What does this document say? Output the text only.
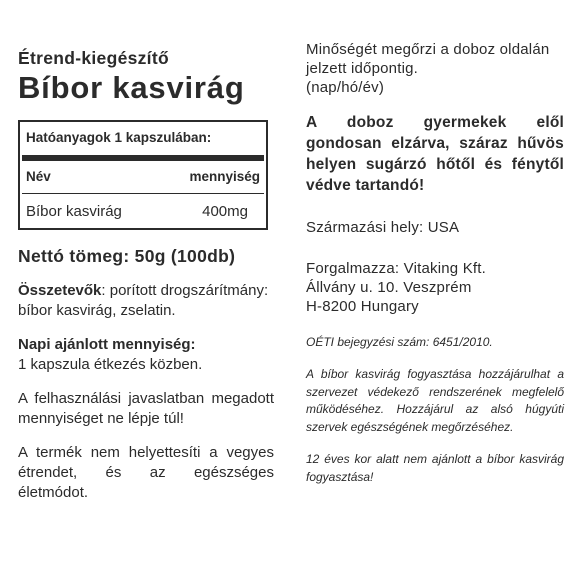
Étrend-kiegészítő
Bíbor kasvirág
Hatóanyagok 1 kapszulában:
Név	mennyiség
Bíbor kasvirág	400mg
Nettó tömeg: 50g (100db)
Összetevők: porított drogszárítmány: bíbor kasvirág, zselatin.
Napi ajánlott mennyiség:
1 kapszula étkezés közben.
A felhasználási javaslatban megadott mennyiséget ne lépje túl!
A termék nem helyettesíti a vegyes étrendet, és az egészséges életmódot.

Minőségét megőrzi a doboz oldalán jelzett időpontig.
(nap/hó/év)

A doboz gyermekek elől gondosan elzárva, száraz hűvös helyen sugárzó hőtől és fénytől védve tartandó!

Származási hely: USA

Forgalmazza: Vitaking Kft.
Állvány u. 10. Veszprém
H-8200 Hungary

OÉTI bejegyzési szám: 6451/2010.

A bíbor kasvirág fogyasztása hozzájárulhat a szervezet védekező rendszerének megfelelő működéséhez. Hozzájárul az alsó húgyúti szervek egészségének megőrzéséhez.

12 éves kor alatt nem ajánlott a bíbor kasvirág fogyasztása!
